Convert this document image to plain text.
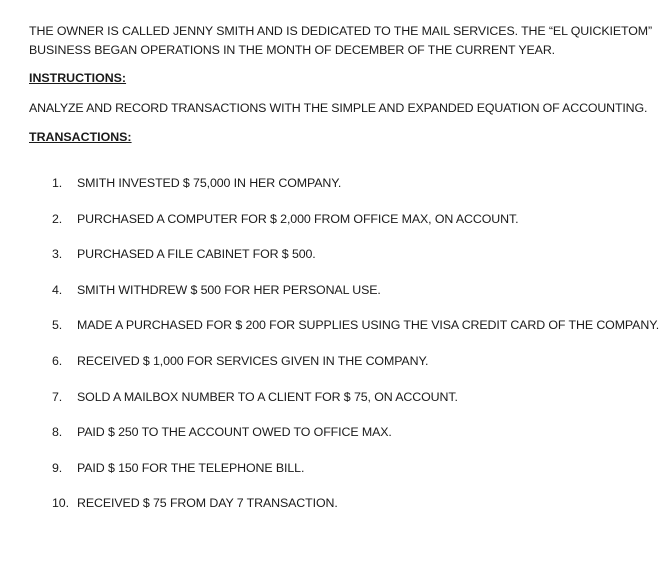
THE OWNER IS CALLED JENNY SMITH AND IS DEDICATED TO THE MAIL SERVICES. THE “EL QUICKIETOM”
BUSINESS BEGAN OPERATIONS IN THE MONTH OF DECEMBER OF THE CURRENT YEAR.

INSTRUCTIONS:

ANALYZE AND RECORD TRANSACTIONS WITH THE SIMPLE AND EXPANDED EQUATION OF ACCOUNTING.

TRANSACTIONS:
1.	SMITH INVESTED $ 75,000 IN HER COMPANY.
2.	PURCHASED A COMPUTER FOR $ 2,000 FROM OFFICE MAX, ON ACCOUNT.
3.	PURCHASED A FILE CABINET FOR $ 500.
4.	SMITH WITHDREW $ 500 FOR HER PERSONAL USE.
5.	MADE A PURCHASED FOR $ 200 FOR SUPPLIES USING THE VISA CREDIT CARD OF THE COMPANY.
6.	RECEIVED $ 1,000 FOR SERVICES GIVEN IN THE COMPANY.
7.	SOLD A MAILBOX NUMBER TO A CLIENT FOR $ 75, ON ACCOUNT.
8.	PAID $ 250 TO THE ACCOUNT OWED TO OFFICE MAX.
9.	PAID $ 150 FOR THE TELEPHONE BILL.
10. RECEIVED $ 75 FROM DAY 7 TRANSACTION.
